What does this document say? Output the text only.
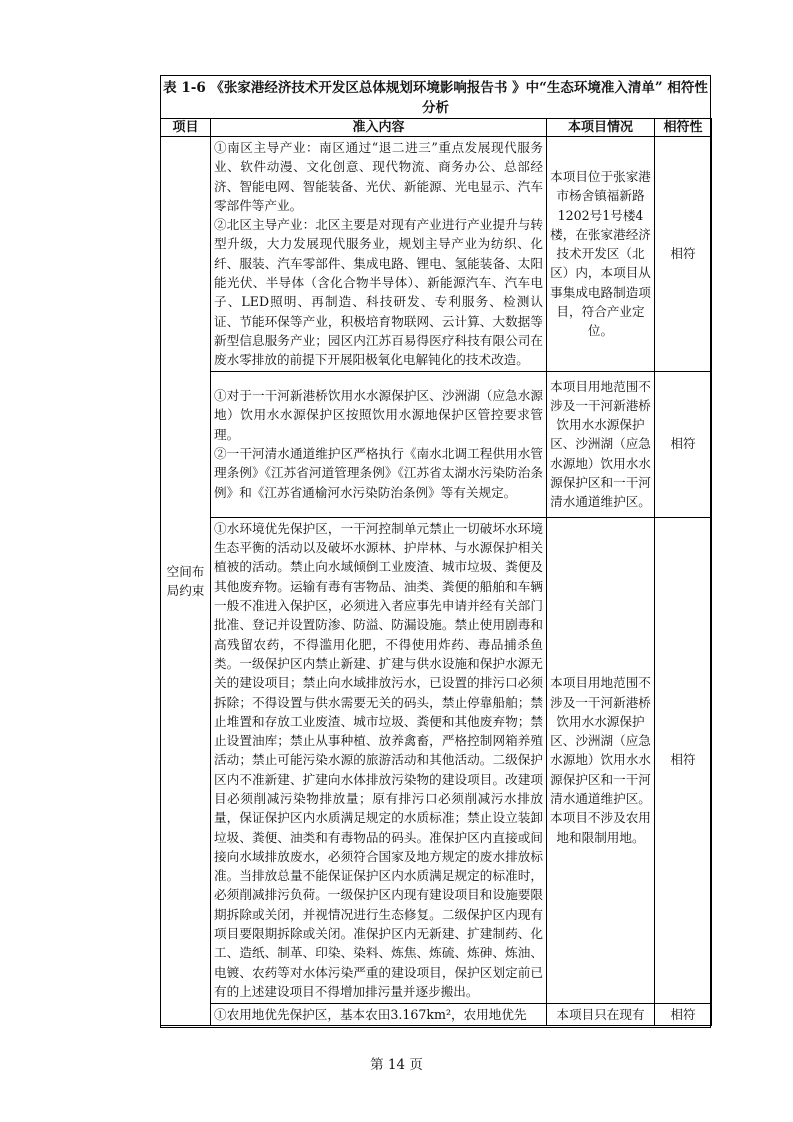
表 1-6 《张家港经济技术开发区总体规划环境影响报告书 》中“生态环境准入清单” 相符性分析
项目	准入内容	本项目情况	相符性
空间布局约束	①南区主导产业：南区通过“退二进三”重点发展现代服务业、软件动漫、文化创意、现代物流、商务办公、总部经济、智能电网、智能装备、光伏、新能源、光电显示、汽车零部件等产业。

②北区主导产业：北区主要是对现有产业进行产业提升与转型升级，大力发展现代服务业，规划主导产业为纺织、化纤、服装、汽车零部件、集成电路、锂电、氢能装备、太阳能光伏、半导体（含化合物半导体）、新能源汽车、汽车电子、LED照明、再制造、科技研发、专利服务、检测认证、节能环保等产业，积极培育物联网、云计算、大数据等新型信息服务产业；园区内江苏百易得医疗科技有限公司在废水零排放的前提下开展阳极氧化电解钝化的技术改造。	本项目位于张家港市杨舍镇福新路1202号1号楼4楼，在张家港经济技术开发区（北区）内，本项目从事集成电路制造项目，符合产业定位。	相符

	①对于一干河新港桥饮用水水源保护区、沙洲湖（应急水源地）饮用水水源保护区按照饮用水源地保护区管控要求管理。

②一干河清水通道维护区严格执行《南水北调工程供用水管理条例》《江苏省河道管理条例》《江苏省太湖水污染防治条例》和《江苏省通榆河水污染防治条例》等有关规定。	本项目用地范围不涉及一干河新港桥饮用水水源保护区、沙洲湖（应急水源地）饮用水水源保护区和一干河清水通道维护区。	相符

	①水环境优先保护区，一干河控制单元禁止一切破坏水环境生态平衡的活动以及破坏水源林、护岸林、与水源保护相关植被的活动。禁止向水域倾倒工业废渣、城市垃圾、粪便及其他废弃物。运输有毒有害物品、油类、粪便的船舶和车辆一般不准进入保护区，必须进入者应事先申请并经有关部门批准、登记并设置防渗、防溢、防漏设施。禁止使用剧毒和高残留农药，不得滥用化肥，不得使用炸药、毒品捕杀鱼类。一级保护区内禁止新建、扩建与供水设施和保护水源无关的建设项目；禁止向水域排放污水，已设置的排污口必须拆除；不得设置与供水需要无关的码头，禁止停靠船舶；禁止堆置和存放工业废渣、城市垃圾、粪便和其他废弃物；禁止设置油库；禁止从事种植、放养禽畜，严格控制网箱养殖活动；禁止可能污染水源的旅游活动和其他活动。二级保护区内不准新建、扩建向水体排放污染物的建设项目。改建项目必须削减污染物排放量；原有排污口必须削减污水排放量，保证保护区内水质满足规定的水质标准；禁止设立装卸垃圾、粪便、油类和有毒物品的码头。准保护区内直接或间接向水域排放废水，必须符合国家及地方规定的废水排放标准。当排放总量不能保证保护区内水质满足规定的标准时，必须削减排污负荷。一级保护区内现有建设项目和设施要限期拆除或关闭，并视情况进行生态修复。二级保护区内现有项目要限期拆除或关闭。准保护区内无新建、扩建制药、化工、造纸、制革、印染、染料、炼焦、炼硫、炼砷、炼油、电镀、农药等对水体污染严重的建设项目，保护区划定前已有的上述建设项目不得增加排污量并逐步搬出。	本项目用地范围不涉及一干河新港桥饮用水水源保护区、沙洲湖（应急水源地）饮用水水源保护区和一干河清水通道维护区。本项目不涉及农用地和限制用地。	相符

	①农用地优先保护区，基本农田3.167km²，农用地优先	本项目只在现有	相符
第 14 页
